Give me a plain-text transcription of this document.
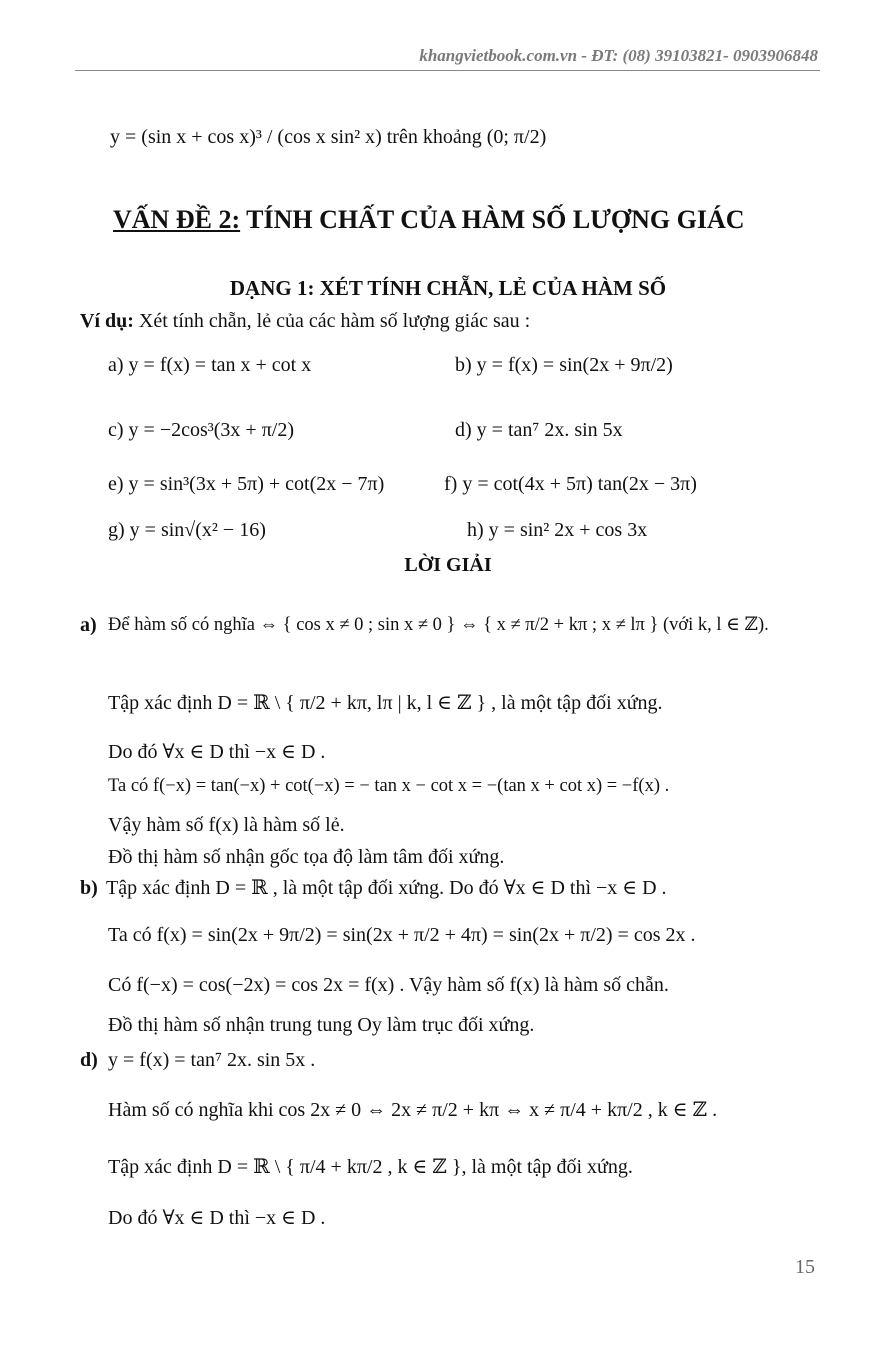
khangvietbook.com.vn - ĐT: (08) 39103821- 0903906848
y = (sin x + cos x)³ / (cos x sin² x) trên khoảng (0; π/2)
VẤN ĐỀ 2: TÍNH CHẤT CỦA HÀM SỐ LƯỢNG GIÁC
DẠNG 1: XÉT TÍNH CHẴN, LẺ CỦA HÀM SỐ
Ví dụ: Xét tính chẵn, lẻ của các hàm số lượng giác sau :
a) y = f(x) = tan x + cot x	b) y = f(x) = sin(2x + 9π/2)
c) y = −2cos³(3x + π/2)	d) y = tan⁷ 2x. sin 5x
e) y = sin³(3x + 5π) + cot(2x − 7π)	f) y = cot(4x + 5π) tan(2x − 3π)
g) y = sin√(x² − 16)	h) y = sin² 2x + cos 3x
LỜI GIẢI
a) Để hàm số có nghĩa ⇔ { cos x ≠ 0 ; sin x ≠ 0 } ⇔ { x ≠ π/2 + kπ ; x ≠ lπ } (với k, l ∈ ℤ).
Tập xác định D = ℝ \ { π/2 + kπ, lπ | k, l ∈ ℤ } , là một tập đối xứng.
Do đó ∀x ∈ D thì −x ∈ D .
Ta có f(−x) = tan(−x) + cot(−x) = − tan x − cot x = −(tan x + cot x) = −f(x) .
Vậy hàm số f(x) là hàm số lẻ.
Đồ thị hàm số nhận gốc tọa độ làm tâm đối xứng.
b) Tập xác định D = ℝ , là một tập đối xứng. Do đó ∀x ∈ D thì −x ∈ D .
Ta có f(x) = sin(2x + 9π/2) = sin(2x + π/2 + 4π) = sin(2x + π/2) = cos 2x .
Có f(−x) = cos(−2x) = cos 2x = f(x) . Vậy hàm số f(x) là hàm số chẵn.
Đồ thị hàm số nhận trung tung Oy làm trục đối xứng.
d) y = f(x) = tan⁷ 2x. sin 5x .
Hàm số có nghĩa khi cos 2x ≠ 0 ⇔ 2x ≠ π/2 + kπ ⇔ x ≠ π/4 + kπ/2 , k ∈ ℤ .
Tập xác định D = ℝ \ { π/4 + kπ/2 , k ∈ ℤ }, là một tập đối xứng.
Do đó ∀x ∈ D thì −x ∈ D .
15
